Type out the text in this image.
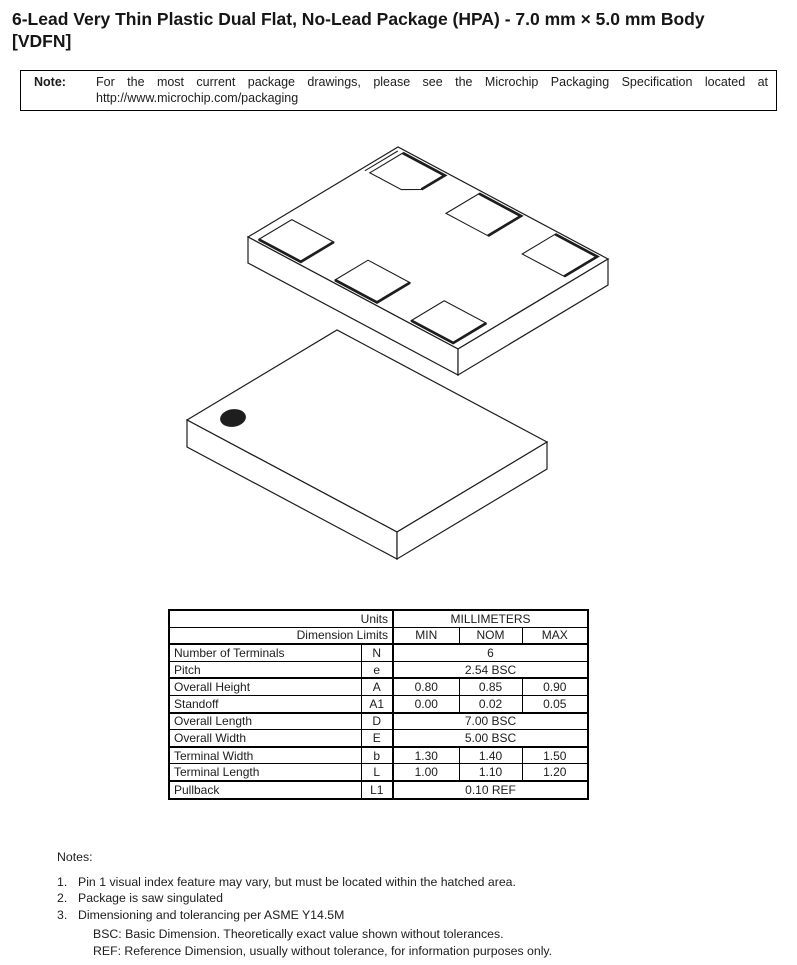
6-Lead Very Thin Plastic Dual Flat, No-Lead Package (HPA) - 7.0 mm × 5.0 mm Body
[VDFN]
Note:	For the most current package drawings, please see the Microchip Packaging Specification located at
http://www.microchip.com/packaging
Units		MILLIMETERS		
Dimension Limits		MIN	NOM	MAX
Number of Terminals	N	6		
Pitch	e	2.54 BSC		
Overall Height	A	0.80	0.85	0.90
Standoff	A1	0.00	0.02	0.05
Overall Length	D	7.00 BSC		
Overall Width	E	5.00 BSC		
Terminal Width	b	1.30	1.40	1.50
Terminal Length	L	1.00	1.10	1.20
Pullback	L1	0.10 REF		
Notes:
1. Pin 1 visual index feature may vary, but must be located within the hatched area.
2. Package is saw singulated
3. Dimensioning and tolerancing per ASME Y14.5M
BSC: Basic Dimension. Theoretically exact value shown without tolerances.
REF: Reference Dimension, usually without tolerance, for information purposes only.
